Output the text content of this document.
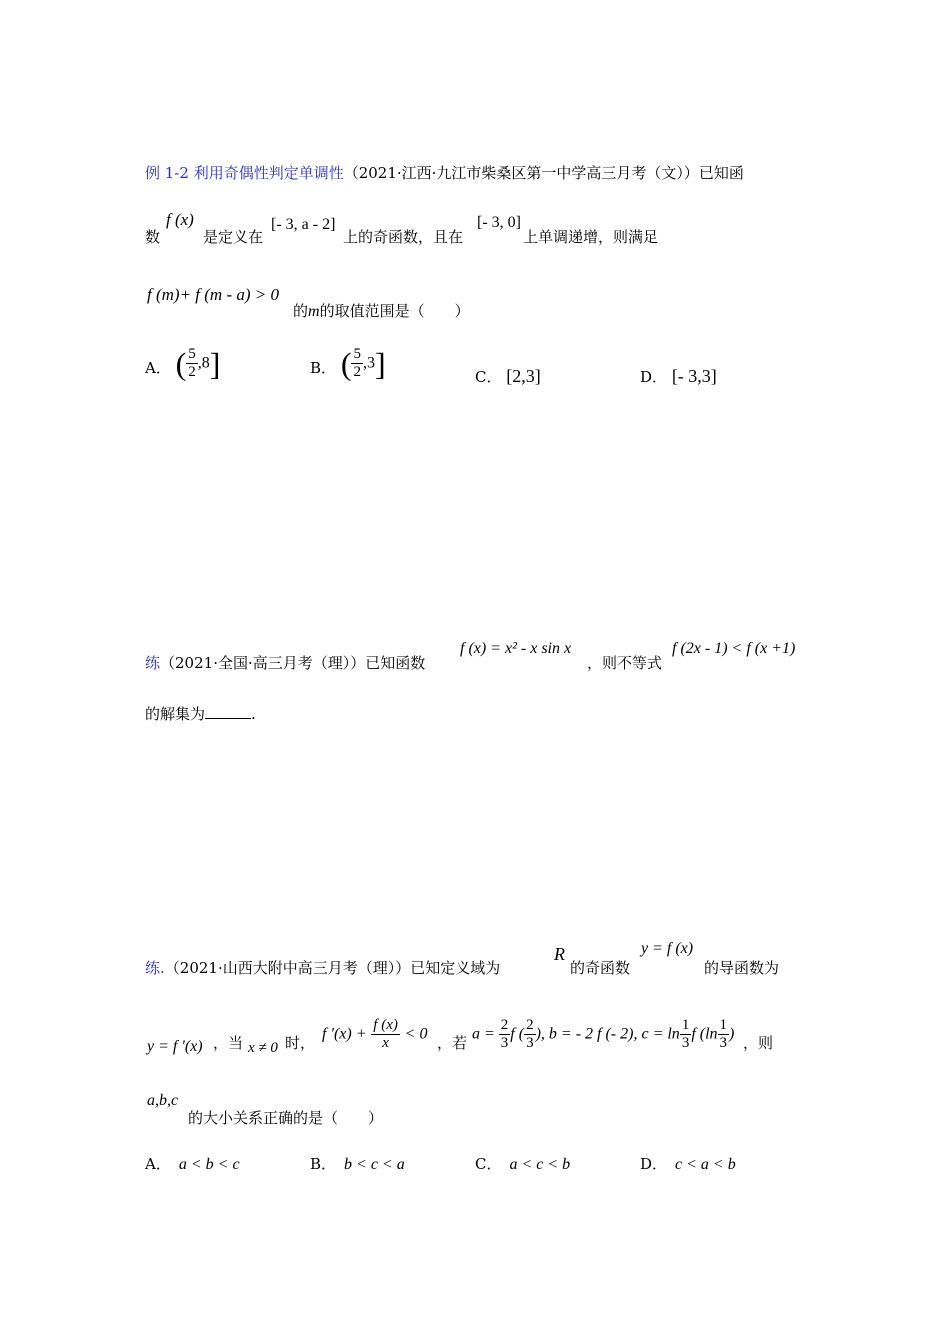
例 1-2 利用奇偶性判定单调性（2021·江西·九江市柴桑区第一中学高三月考（文））已知函
数
f (x)
是定义在
[- 3, a - 2]
上的奇函数，且在
[- 3, 0]
上单调递增，则满足
f (m)+ f (m - a) > 0
的m的取值范围是（　　）
A． ( $\frac{5}{2} ,8$]	B． ( $\frac{5}{2} ,3$]	C． [2,3]	D． [- 3,3]
练（2021·全国·高三月考（理））已知函数
f (x) = x² - x sin x
，则不等式
f (2x - 1) < f (x +1)
的解集为	.
练.（2021·山西大附中高三月考（理））已知定义域为
R
的奇函数
y = f (x)
的导函数为
y = f ′(x) ，当 x ≠ 0 时， f $'(x) + \frac{f (x)}{x} < 0$ ，若 $a = \frac{2}{3}$ f ( $\frac{2}{3}$ ), b = - 2 f (- 2), $c = \ln \frac{1}{3}$ f ($\ln \frac{1}{3}$ ) ，则
a,b,c
的大小关系正确的是（　　）
A． a < b < c	B． b < c < a	C． a < c < b	D． c < a < b
